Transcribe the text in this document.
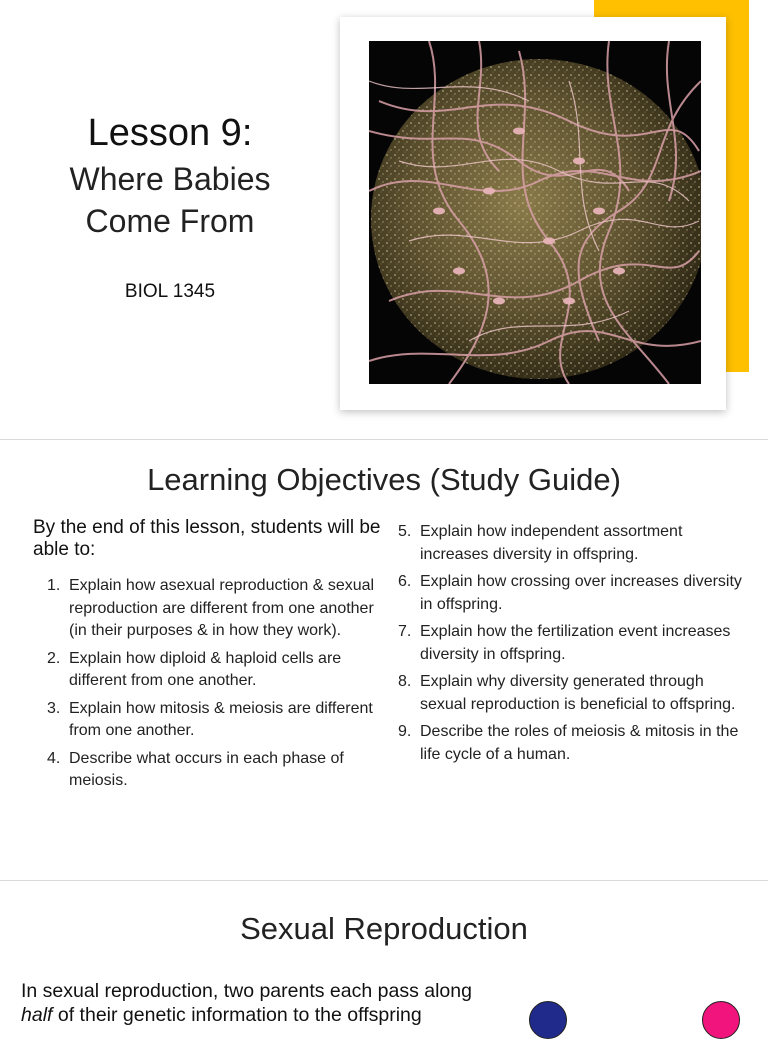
Lesson 9:
Where Babies
Come From
BIOL 1345
Learning Objectives (Study Guide)
By the end of this lesson, students will be able to:
1. Explain how asexual reproduction & sexual reproduction are different from one another (in their purposes & in how they work).
2. Explain how diploid & haploid cells are different from one another.
3. Explain how mitosis & meiosis are different from one another.
4. Describe what occurs in each phase of meiosis.
5. Explain how independent assortment increases diversity in offspring.
6. Explain how crossing over increases diversity in offspring.
7. Explain how the fertilization event increases diversity in offspring.
8. Explain why diversity generated through sexual reproduction is beneficial to offspring.
9. Describe the roles of meiosis & mitosis in the life cycle of a human.
Sexual Reproduction
In sexual reproduction, two parents each pass along
half of their genetic information to the offspring
